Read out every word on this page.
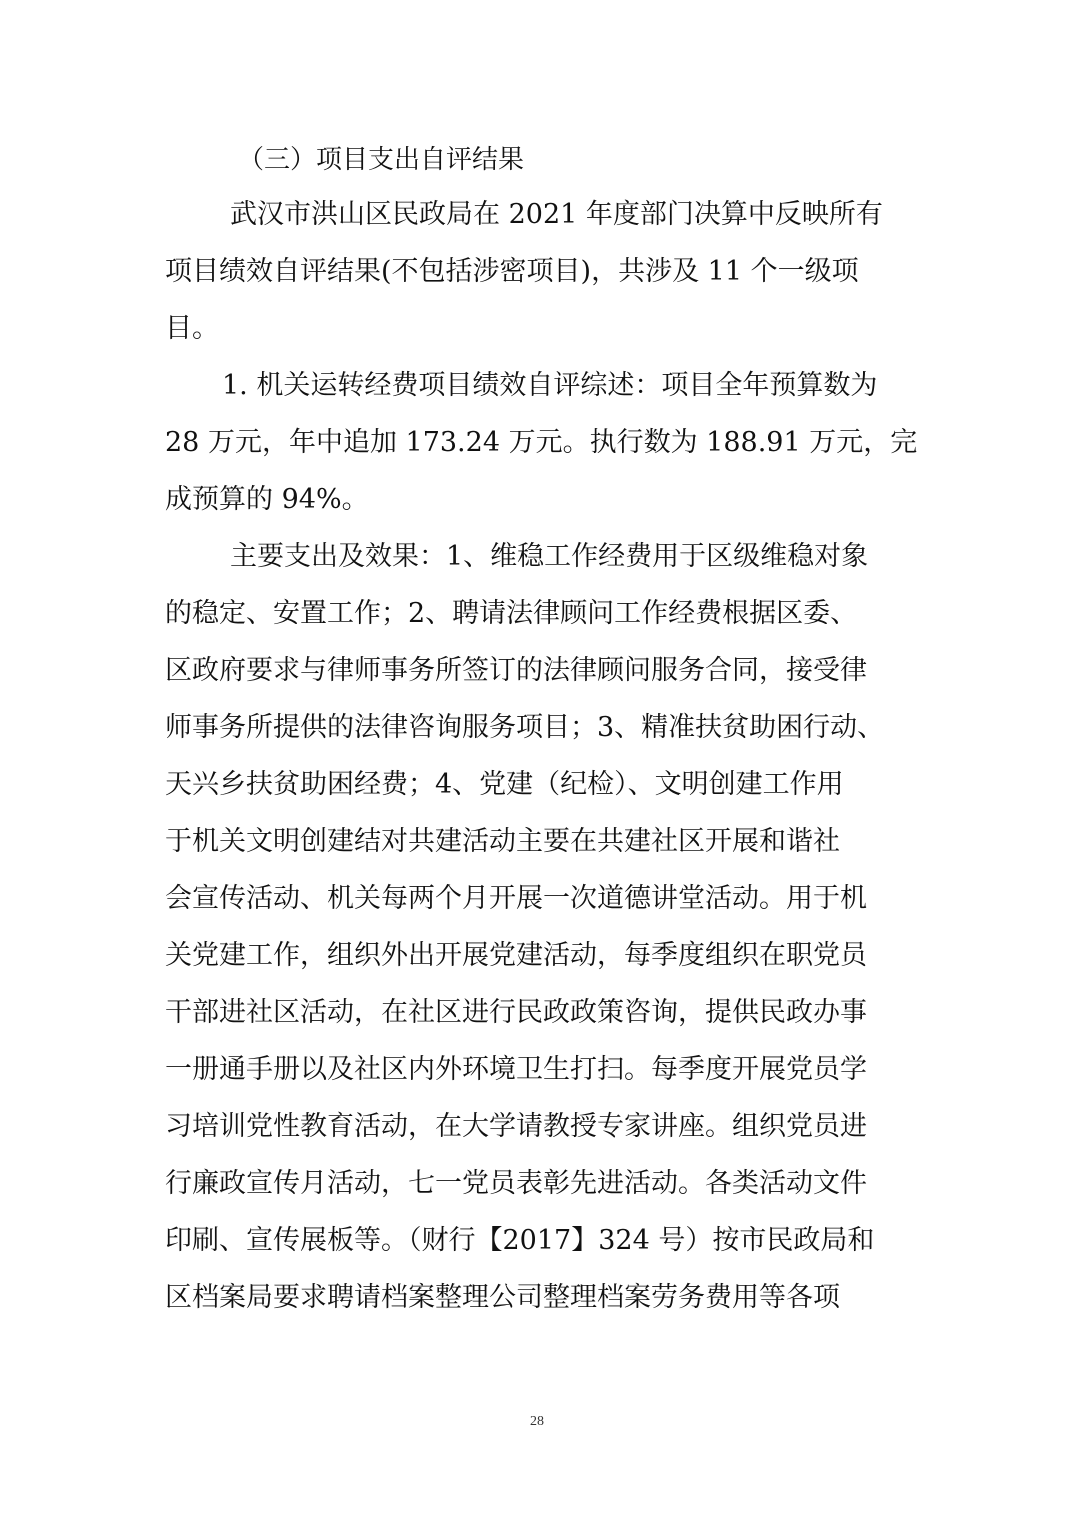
（三）项目支出自评结果
武汉市洪山区民政局在 2021 年度部门决算中反映所有
项目绩效自评结果(不包括涉密项目)，共涉及 11 个一级项
目。
1. 机关运转经费项目绩效自评综述：项目全年预算数为
28 万元，年中追加 173.24 万元。执行数为 188.91 万元，完
成预算的 94%。
主要支出及效果：1、维稳工作经费用于区级维稳对象
的稳定、安置工作；2、聘请法律顾问工作经费根据区委、
区政府要求与律师事务所签订的法律顾问服务合同，接受律
师事务所提供的法律咨询服务项目；3、精准扶贫助困行动、
天兴乡扶贫助困经费；4、党建（纪检）、文明创建工作用
于机关文明创建结对共建活动主要在共建社区开展和谐社
会宣传活动、机关每两个月开展一次道德讲堂活动。用于机
关党建工作，组织外出开展党建活动，每季度组织在职党员
干部进社区活动，在社区进行民政政策咨询，提供民政办事
一册通手册以及社区内外环境卫生打扫。每季度开展党员学
习培训党性教育活动，在大学请教授专家讲座。组织党员进
行廉政宣传月活动，七一党员表彰先进活动。各类活动文件
印刷、宣传展板等。（财行【2017】324 号）按市民政局和
区档案局要求聘请档案整理公司整理档案劳务费用等各项
28
